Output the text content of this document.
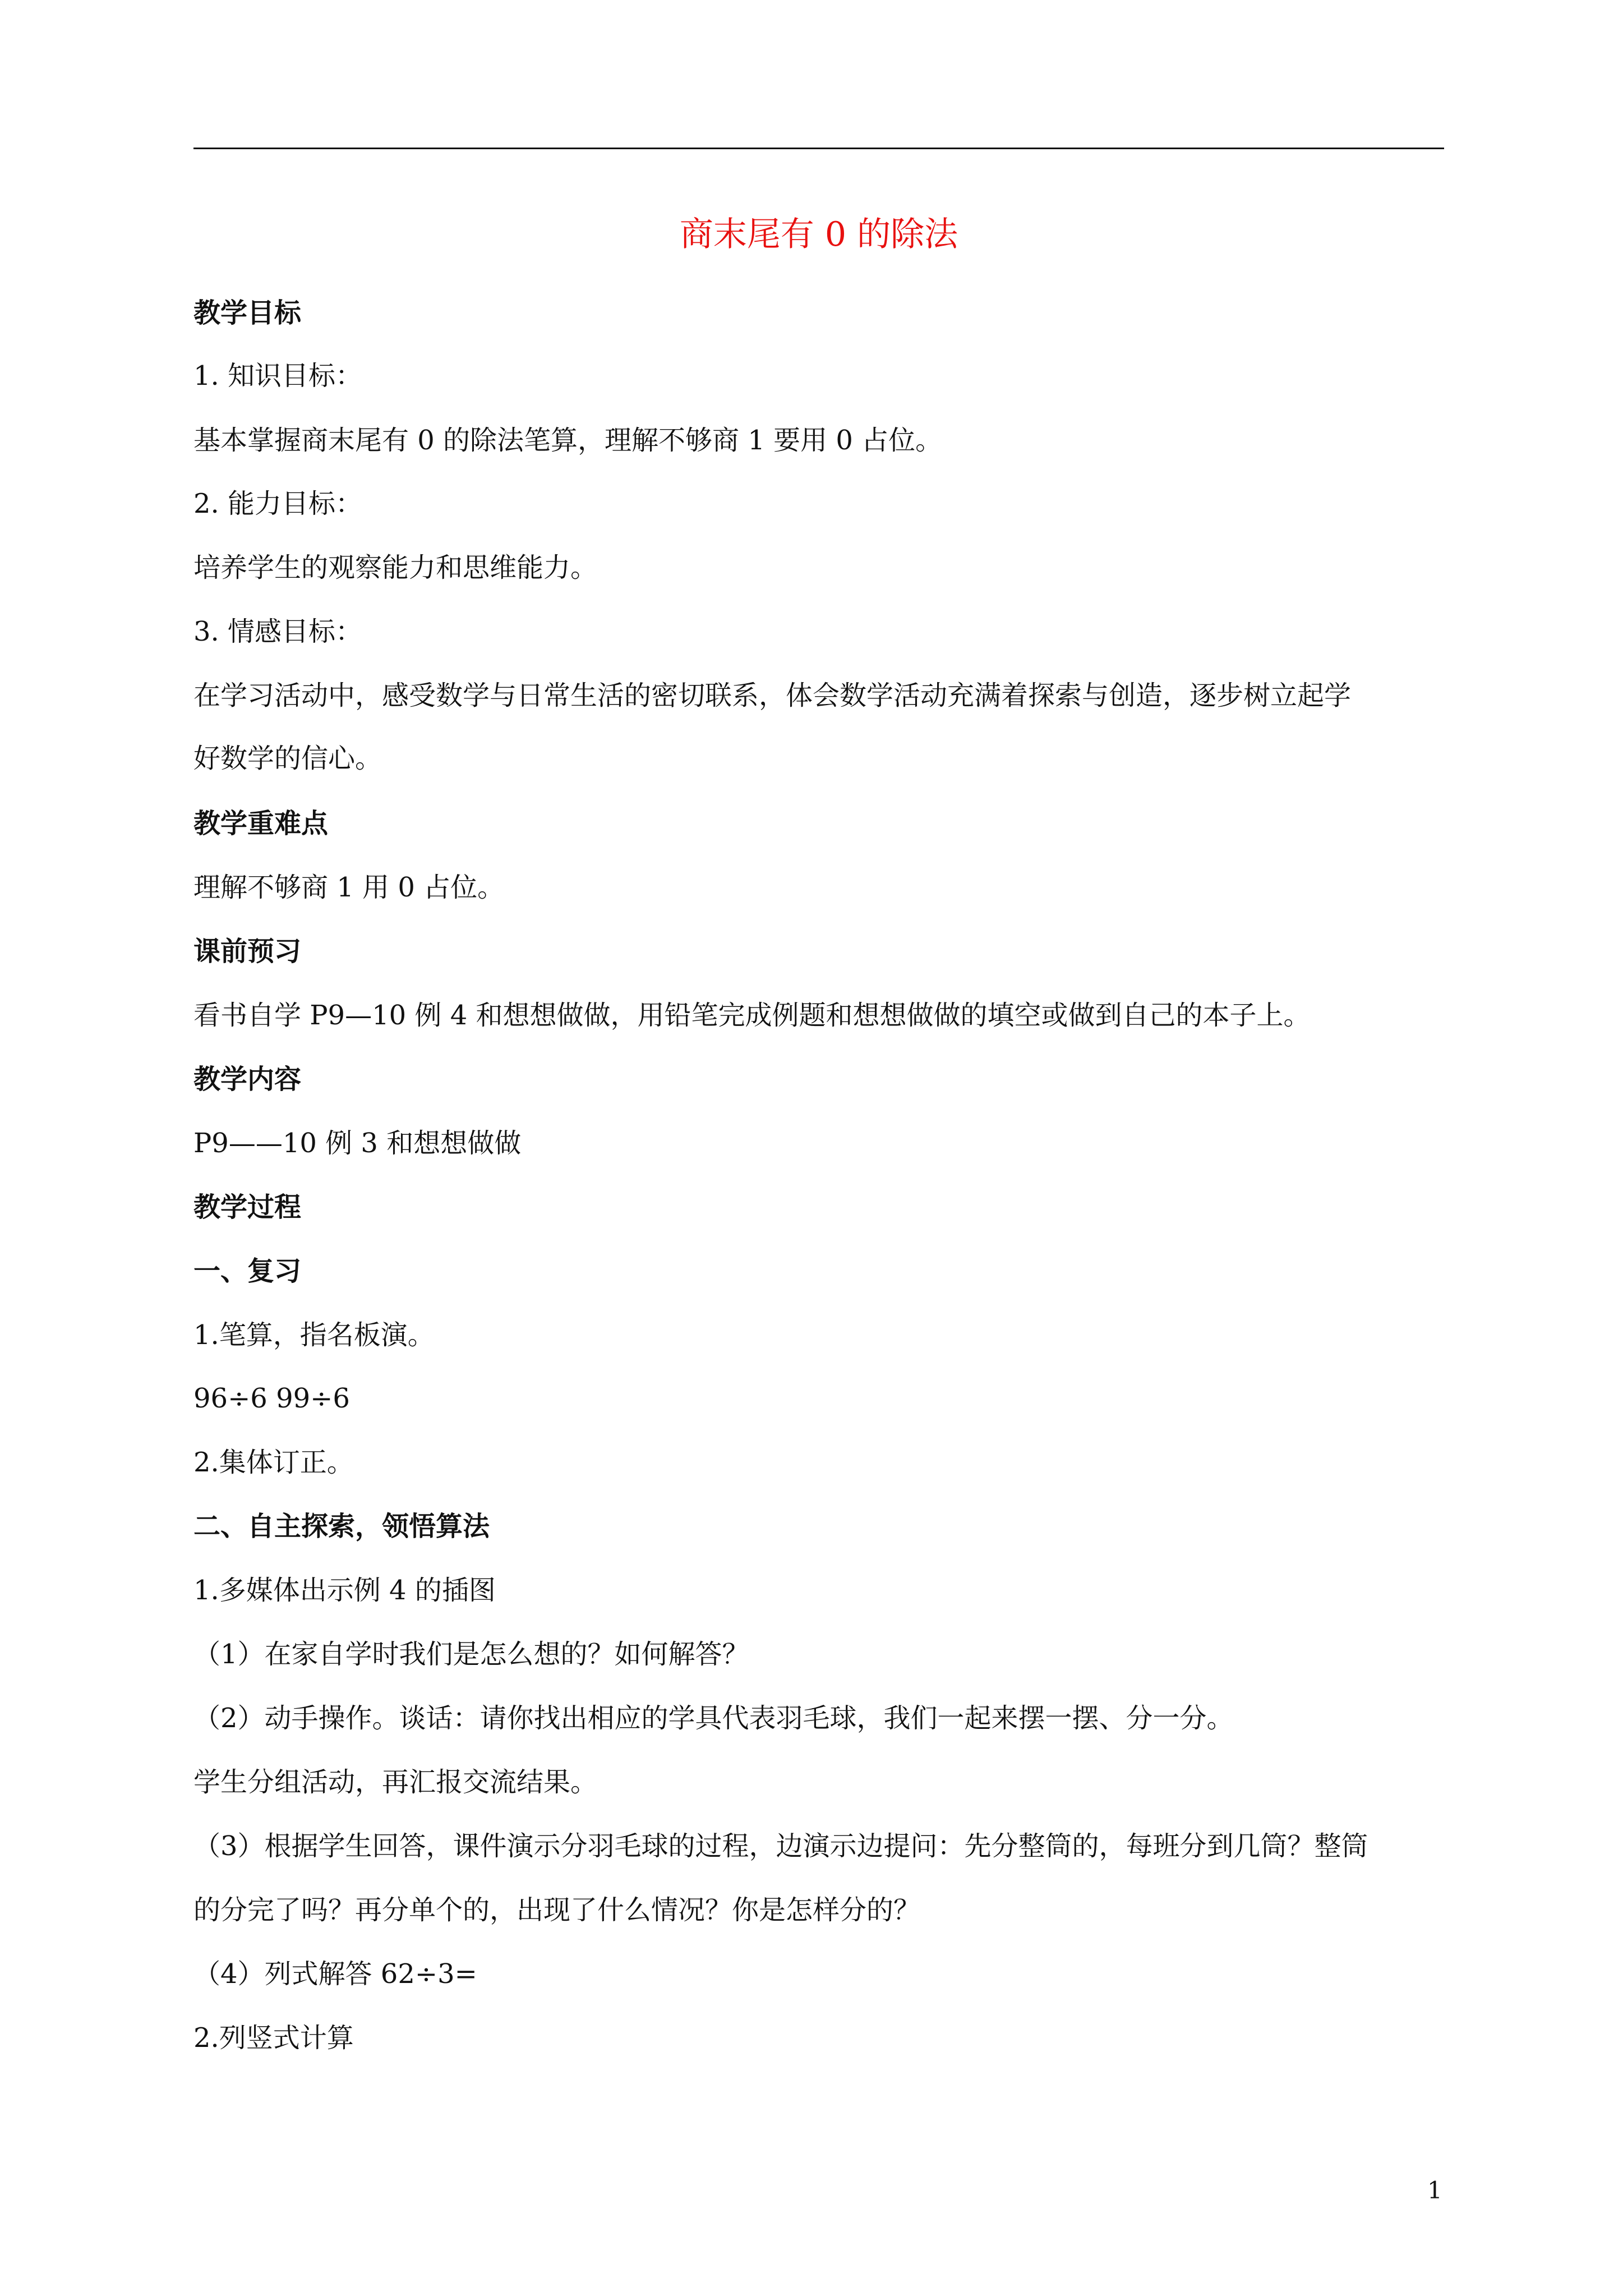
商末尾有 0 的除法
教学目标
1. 知识目标：
基本掌握商末尾有 0 的除法笔算，理解不够商 1 要用 0 占位。
2. 能力目标：
培养学生的观察能力和思维能力。
3. 情感目标：
在学习活动中，感受数学与日常生活的密切联系，体会数学活动充满着探索与创造，逐步树立起学
好数学的信心。
教学重难点
理解不够商 1 用 0 占位。
课前预习
看书自学 P9—10 例 4 和想想做做，用铅笔完成例题和想想做做的填空或做到自己的本子上。
教学内容
P9——10 例 3 和想想做做
教学过程
一、复习
1.笔算，指名板演。
96÷6 99÷6
2.集体订正。
二、自主探索，领悟算法
1.多媒体出示例 4 的插图
（1）在家自学时我们是怎么想的？如何解答？
（2）动手操作。谈话：请你找出相应的学具代表羽毛球，我们一起来摆一摆、分一分。
学生分组活动，再汇报交流结果。
（3）根据学生回答，课件演示分羽毛球的过程，边演示边提问：先分整筒的，每班分到几筒？整筒
的分完了吗？再分单个的，出现了什么情况？你是怎样分的？
（4）列式解答 62÷3=
2.列竖式计算
1
